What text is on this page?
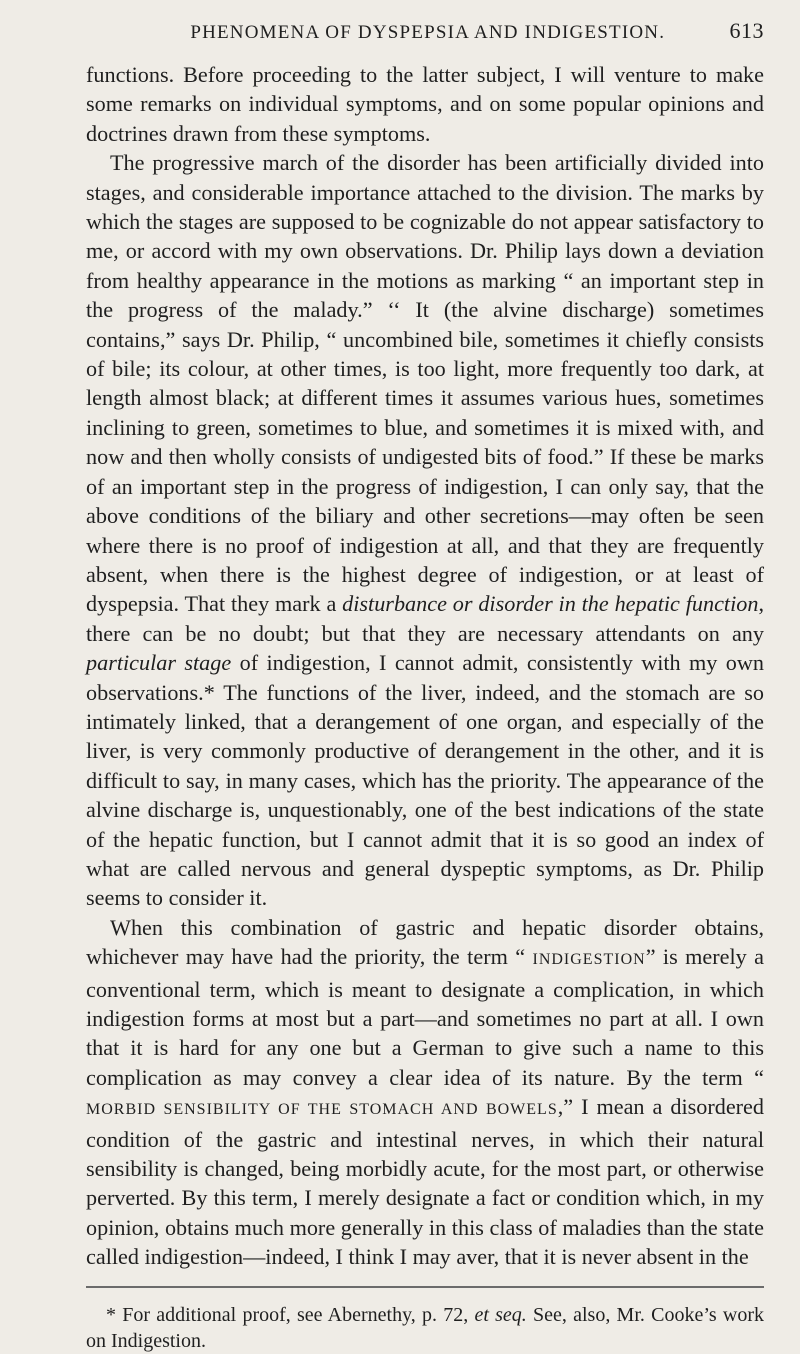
PHENOMENA OF DYSPEPSIA AND INDIGESTION.	613

functions. Before proceeding to the latter subject, I will venture to make some remarks on individual symptoms, and on some popular opinions and doctrines drawn from these symptoms.

The progressive march of the disorder has been artificially divided into stages, and considerable importance attached to the division. The marks by which the stages are supposed to be cognizable do not appear satisfactory to me, or accord with my own observations. Dr. Philip lays down a deviation from healthy appearance in the motions as marking “ an important step in the progress of the malady.” ‘‘ It (the alvine discharge) sometimes contains,” says Dr. Philip, “ uncombined bile, sometimes it chiefly consists of bile; its colour, at other times, is too light, more frequently too dark, at length almost black; at different times it assumes various hues, sometimes inclining to green, sometimes to blue, and sometimes it is mixed with, and now and then wholly consists of undigested bits of food.” If these be marks of an important step in the progress of indigestion, I can only say, that the above conditions of the biliary and other secretions—may often be seen where there is no proof of indigestion at all, and that they are frequently absent, when there is the highest degree of indigestion, or at least of dyspepsia. That they mark a disturbance or disorder in the hepatic function, there can be no doubt; but that they are necessary attendants on any particular stage of indigestion, I cannot admit, consistently with my own observations.* The functions of the liver, indeed, and the stomach are so intimately linked, that a derangement of one organ, and especially of the liver, is very commonly productive of derangement in the other, and it is difficult to say, in many cases, which has the priority. The appearance of the alvine discharge is, unquestionably, one of the best indications of the state of the hepatic function, but I cannot admit that it is so good an index of what are called nervous and general dyspeptic symptoms, as Dr. Philip seems to consider it.

When this combination of gastric and hepatic disorder obtains, whichever may have had the priority, the term “ INDIGESTION” is merely a conventional term, which is meant to designate a complication, in which indigestion forms at most but a part—and sometimes no part at all. I own that it is hard for any one but a German to give such a name to this complication as may convey a clear idea of its nature. By the term “ MORBID SENSIBILITY OF THE STOMACH AND BOWELS,” I mean a disordered condition of the gastric and intestinal nerves, in which their natural sensibility is changed, being morbidly acute, for the most part, or otherwise perverted. By this term, I merely designate a fact or condition which, in my opinion, obtains much more generally in this class of maladies than the state called indigestion—indeed, I think I may aver, that it is never absent in the

* For additional proof, see Abernethy, p. 72, et seq. See, also, Mr. Cooke’s work on Indigestion.
